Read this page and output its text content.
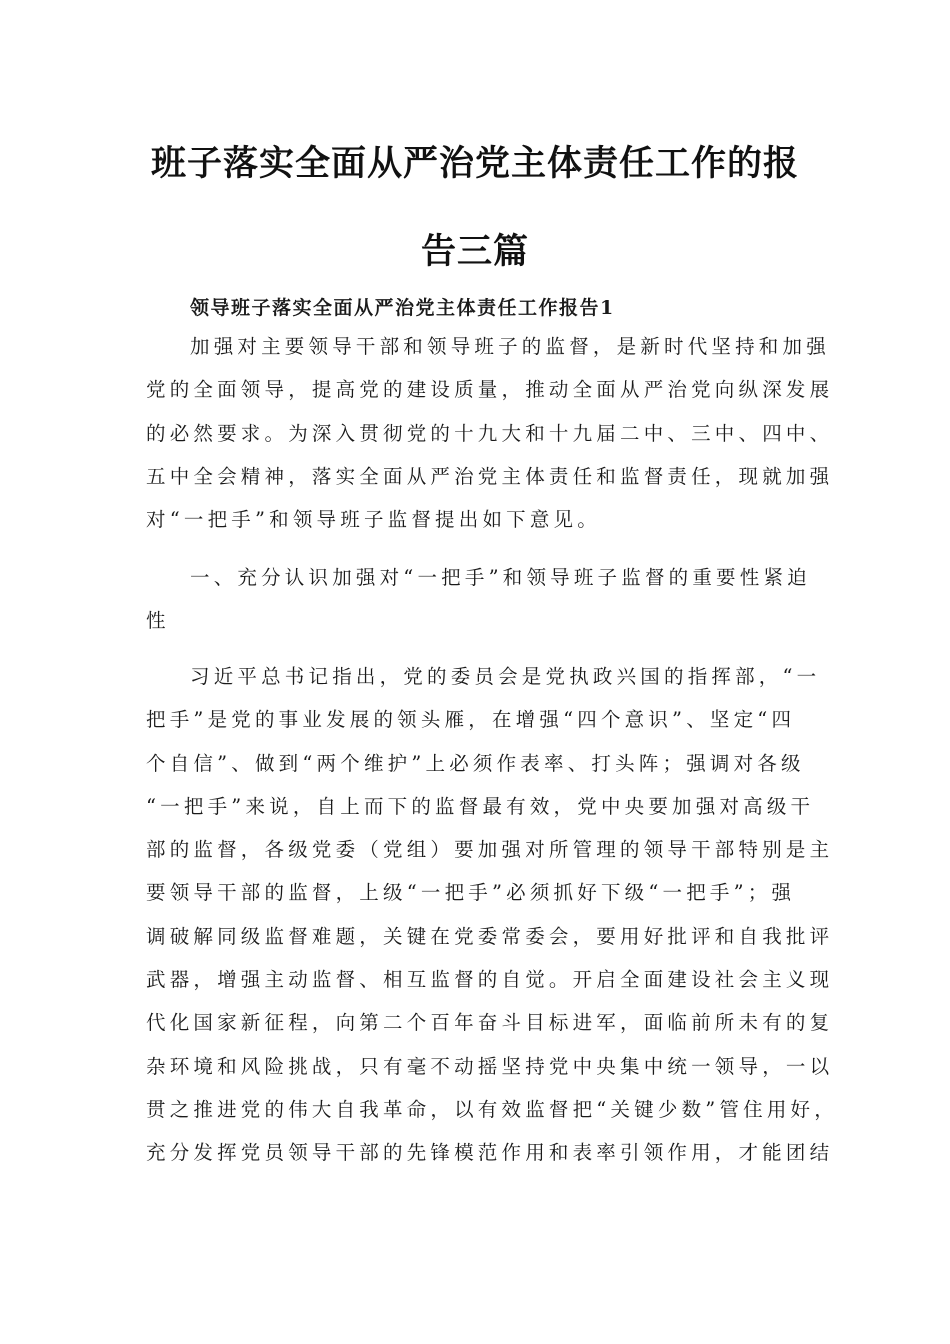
班子落实全面从严治党主体责任工作的报
告三篇
领导班子落实全面从严治党主体责任工作报告1

加强对主要领导干部和领导班子的监督，是新时代坚持和加强
党的全面领导，提高党的建设质量，推动全面从严治党向纵深发展
的必然要求。为深入贯彻党的十九大和十九届二中、三中、四中、
五中全会精神，落实全面从严治党主体责任和监督责任，现就加强
对“一把手”和领导班子监督提出如下意见。

一、充分认识加强对“一把手”和领导班子监督的重要性紧迫
性

习近平总书记指出，党的委员会是党执政兴国的指挥部，“一
把手”是党的事业发展的领头雁，在增强“四个意识”、坚定“四
个自信”、做到“两个维护”上必须作表率、打头阵；强调对各级
“一把手”来说，自上而下的监督最有效，党中央要加强对高级干
部的监督，各级党委（党组）要加强对所管理的领导干部特别是主
要领导干部的监督，上级“一把手”必须抓好下级“一把手”；强
调破解同级监督难题，关键在党委常委会，要用好批评和自我批评
武器，增强主动监督、相互监督的自觉。开启全面建设社会主义现
代化国家新征程，向第二个百年奋斗目标进军，面临前所未有的复
杂环境和风险挑战，只有毫不动摇坚持党中央集中统一领导，一以
贯之推进党的伟大自我革命，以有效监督把“关键少数”管住用好，
充分发挥党员领导干部的先锋模范作用和表率引领作用，才能团结
